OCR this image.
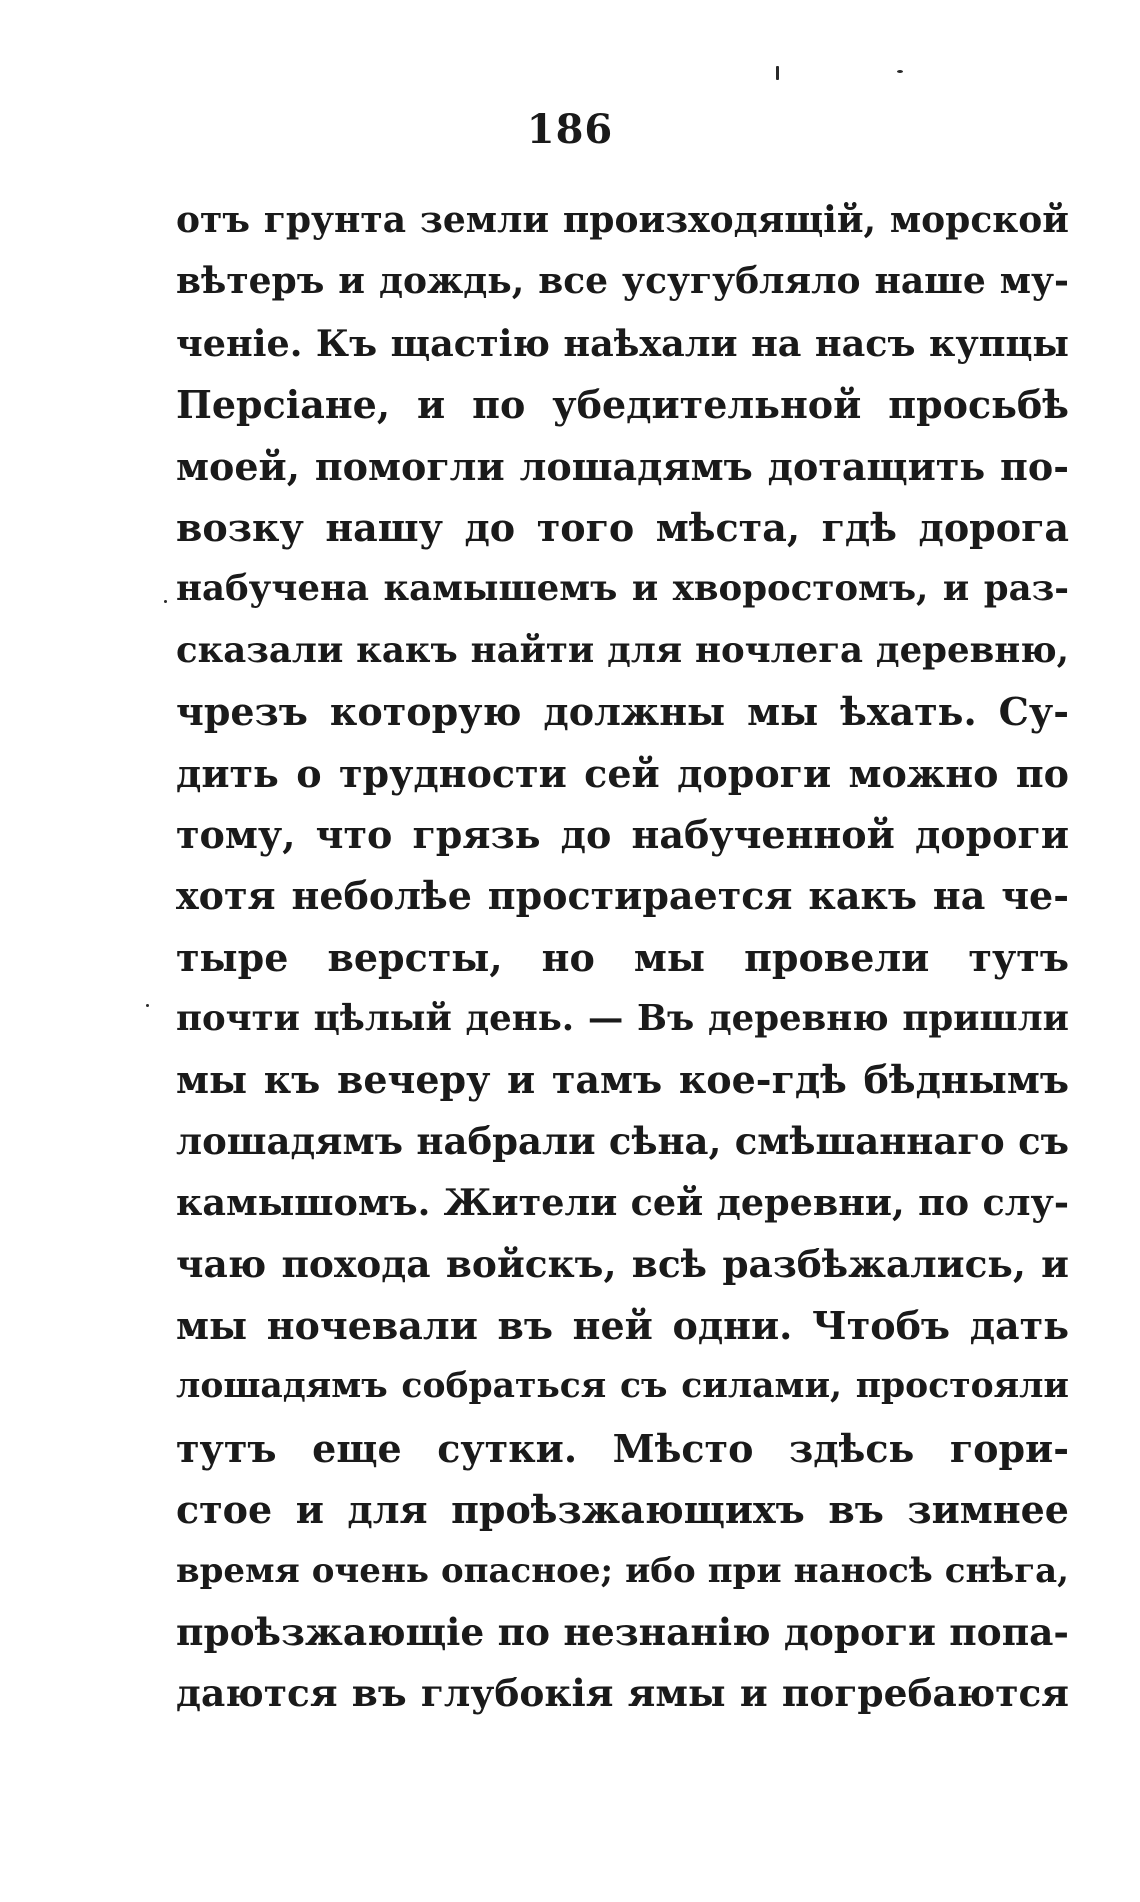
186
отъ грунта земли произходящій, морской
вѣтеръ и дождь, все усугубляло наше му-
ченіе. Къ щастію наѣхали на насъ купцы
Персіане, и по убедительной просьбѣ
моей, помогли лошадямъ дотащить по-
возку нашу до того мѣста, гдѣ дорога
набучена камышемъ и хворостомъ, и раз-
сказали какъ найти для ночлега деревню,
чрезъ которую должны мы ѣхать. Су-
дить о трудности сей дороги можно по
тому, что грязь до набученной дороги
хотя неболѣе простирается какъ на че-
тыре версты, но мы провели тутъ
почти цѣлый день. — Въ деревню пришли
мы къ вечеру и тамъ кое-гдѣ бѣднымъ
лошадямъ набрали сѣна, смѣшаннаго съ
камышомъ. Жители сей деревни, по слу-
чаю похода войскъ, всѣ разбѣжались, и
мы ночевали въ ней одни. Чтобъ дать
лошадямъ собраться съ силами, простояли
тутъ еще сутки. Мѣсто здѣсь гори-
стое и для проѣзжающихъ въ зимнее
время очень опасное; ибо при наносѣ снѣга,
проѣзжающіе по незнанію дороги попа-
даются въ глубокія ямы и погребаются
